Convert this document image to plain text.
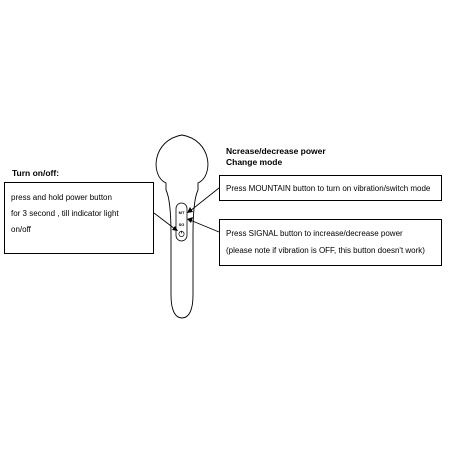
MT
SG
Turn on/off:

press and hold power button

for 3 second , till indicator light

on/off

Ncrease/decrease power
Change mode

Press MOUNTAIN button to turn on vibration/switch mode

Press SIGNAL button to increase/decrease power

(please note if vibration is OFF, this button doesn't work)
